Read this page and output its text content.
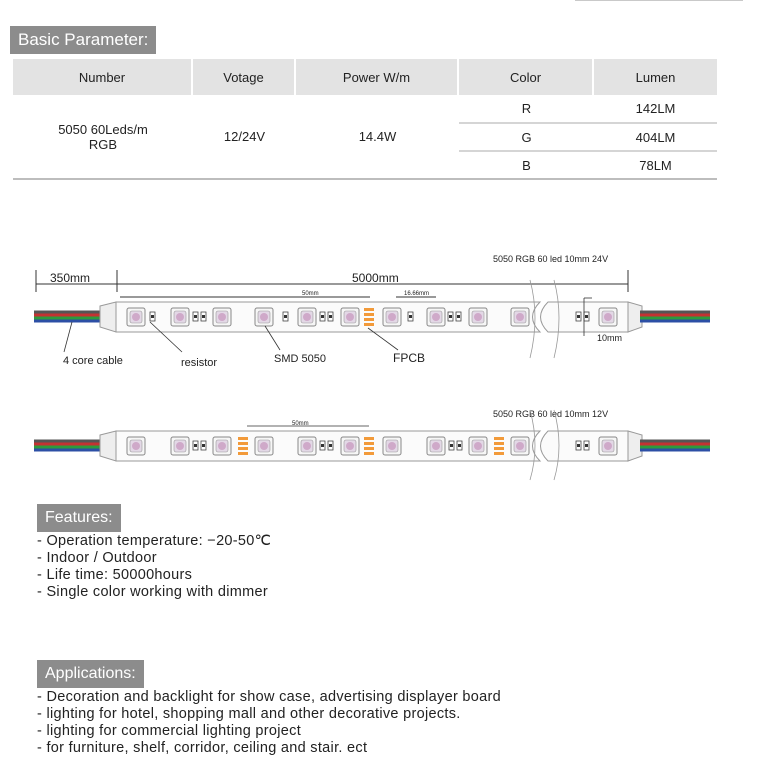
Basic Parameter:
Number	Votage	Power W/m	Color	Lumen

5050 60Leds/m
RGB	12/24V	14.4W	R	142LM
			G	404LM
			B	78LM
350mm	5000mm
5050 RGB 60 led 10mm 24V
50mm	16.66mm
10mm
4 core cable	resistor	SMD 5050	FPCB
5050 RGB 60 led 10mm 12V
50mm
Features:
- Operation temperature: −20-50℃
- Indoor / Outdoor
- Life time: 50000hours
- Single color working with dimmer
Applications:
- Decoration and backlight for show case, advertising displayer board
- lighting for hotel, shopping mall and other decorative projects.
- lighting for commercial lighting project
- for furniture, shelf, corridor, ceiling and stair. ect
